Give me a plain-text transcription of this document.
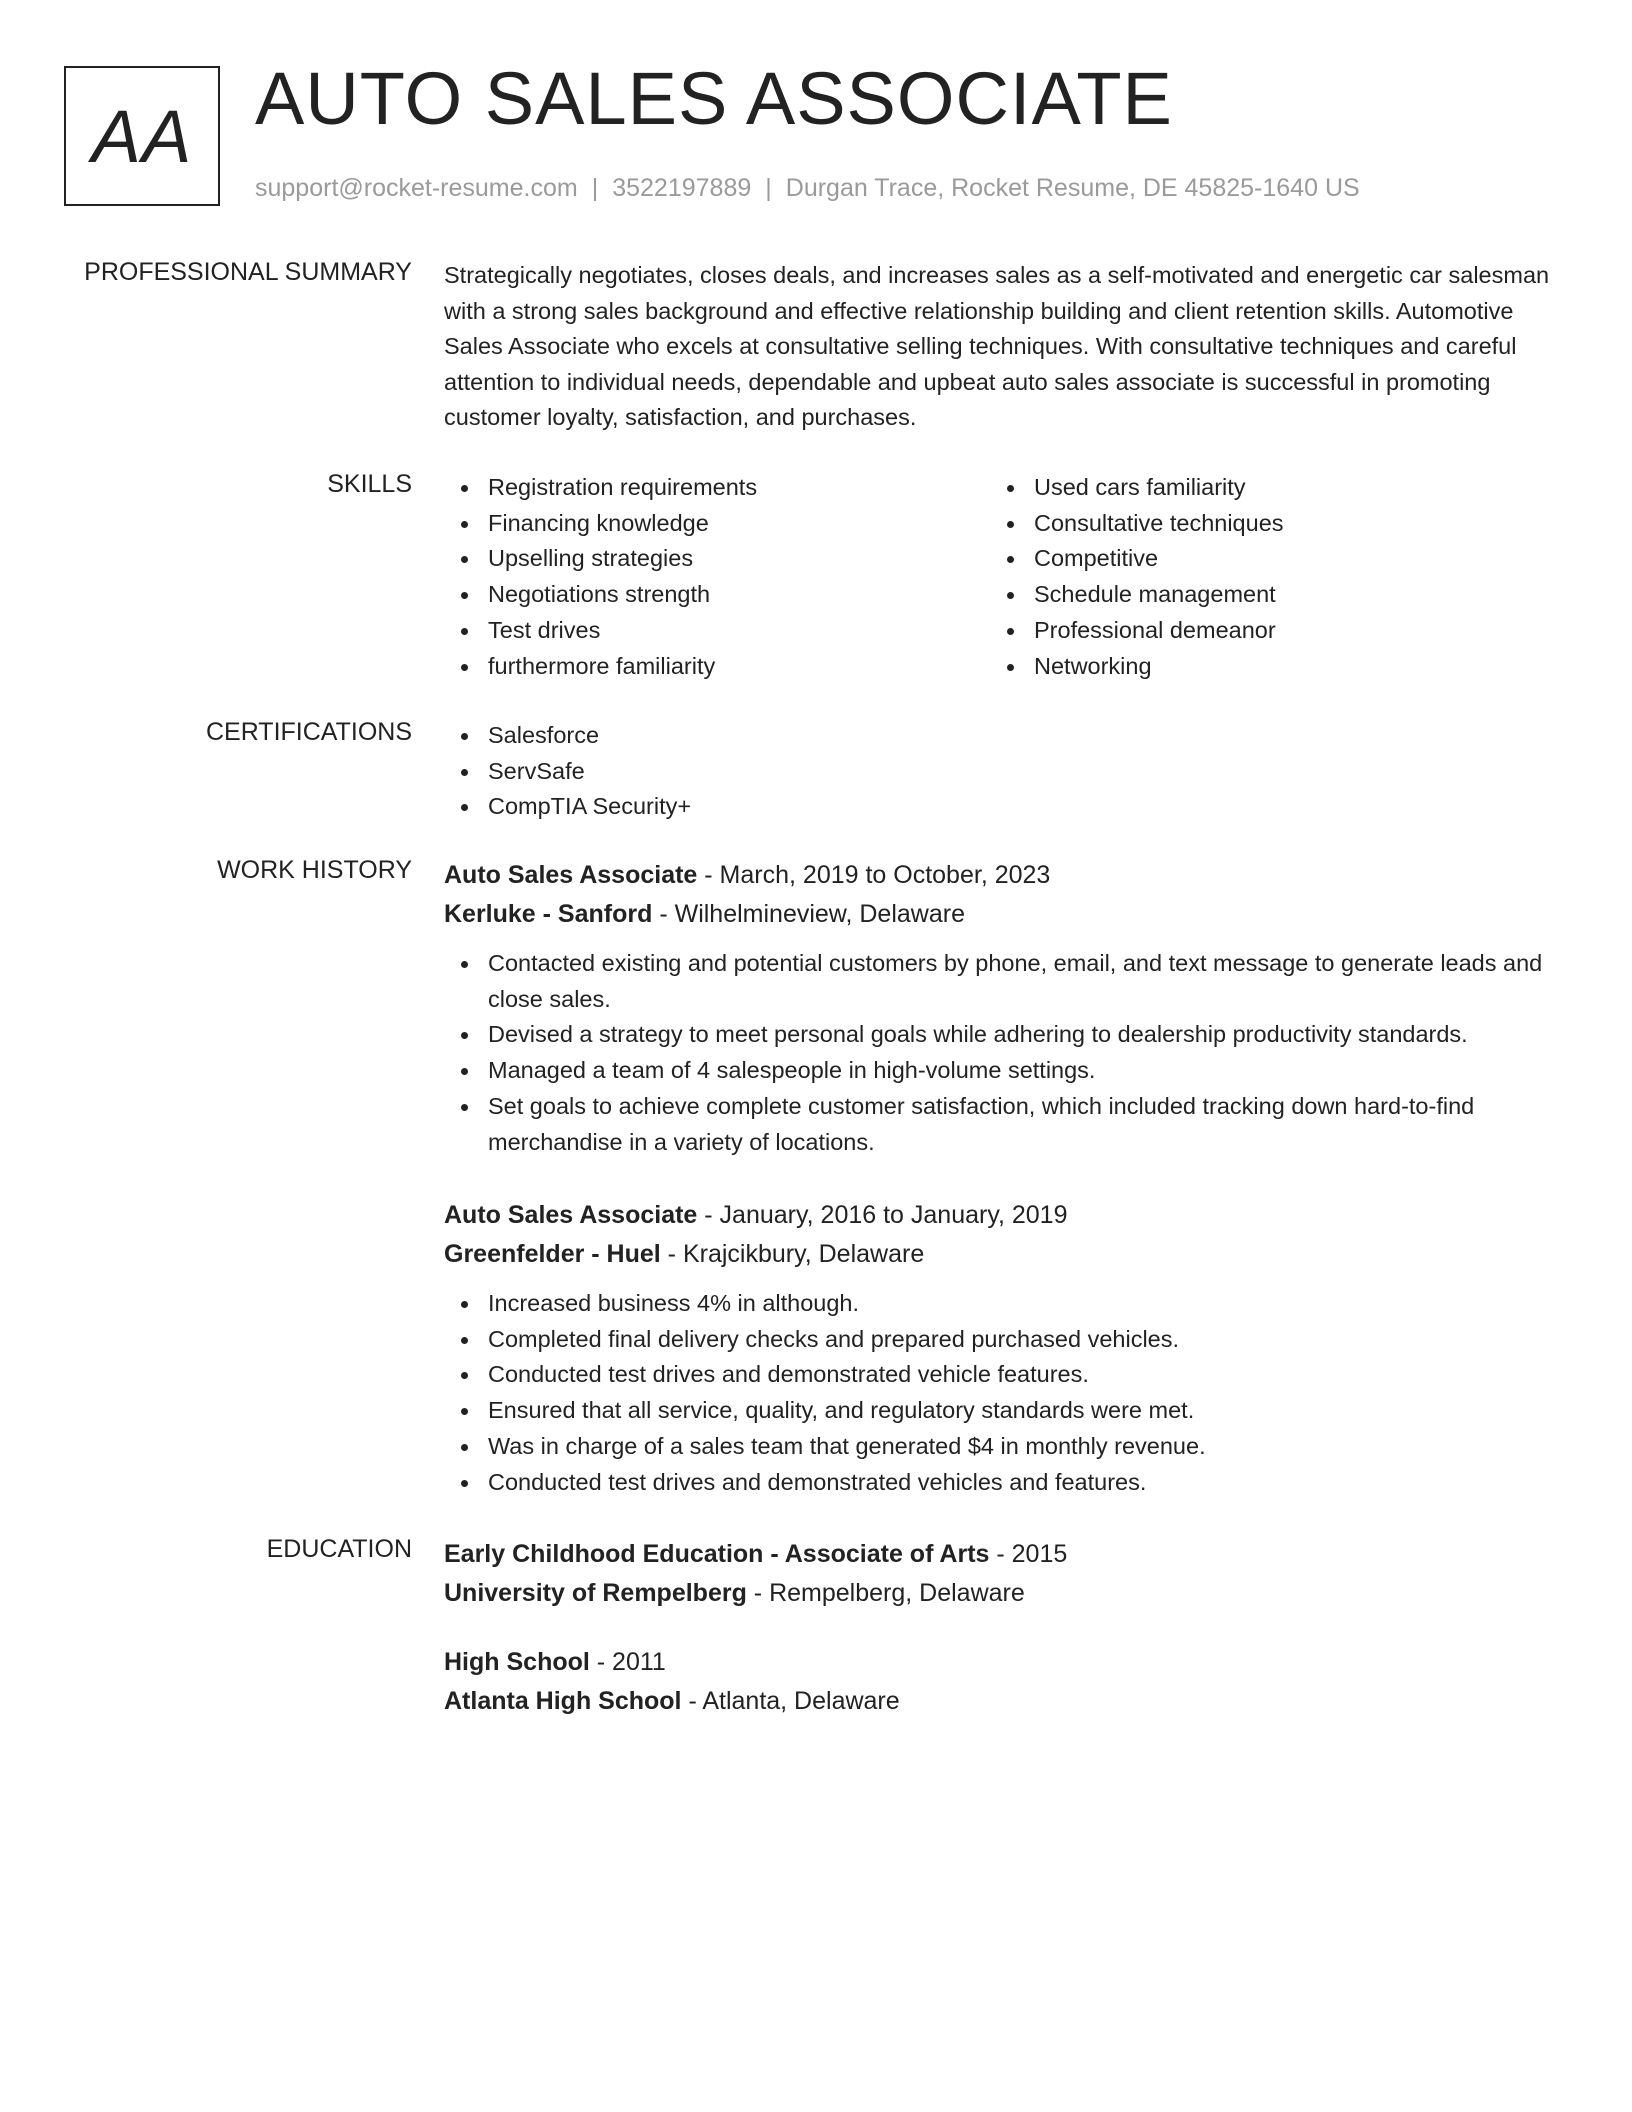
AA AUTO SALES ASSOCIATE
support@rocket-resume.com | 3522197889 | Durgan Trace, Rocket Resume, DE 45825-1640 US
PROFESSIONAL SUMMARY Strategically negotiates, closes deals, and increases sales as a self-motivated and energetic car salesman with a strong sales background and effective relationship building and client retention skills. Automotive Sales Associate who excels at consultative selling techniques. With consultative techniques and careful attention to individual needs, dependable and upbeat auto sales associate is successful in promoting customer loyalty, satisfaction, and purchases.

SKILLS	Registration requirements
Financing knowledge
Upselling strategies
Negotiations strength
Test drives
furthermore familiarity
Used cars familiarity
Consultative techniques
Competitive
Schedule management
Professional demeanor
Networking
CERTIFICATIONS	Salesforce
ServSafe
CompTIA Security+
WORK HISTORY Auto Sales Associate - March, 2019 to October, 2023
Kerluke - Sanford - Wilhelmineview, Delaware
Contacted existing and potential customers by phone, email, and text message to generate leads and close sales.
Devised a strategy to meet personal goals while adhering to dealership productivity standards.
Managed a team of 4 salespeople in high-volume settings.
Set goals to achieve complete customer satisfaction, which included tracking down hard-to-find merchandise in a variety of locations.
Auto Sales Associate - January, 2016 to January, 2019
Greenfelder - Huel - Krajcikbury, Delaware
Increased business 4% in although.
Completed final delivery checks and prepared purchased vehicles.
Conducted test drives and demonstrated vehicle features.
Ensured that all service, quality, and regulatory standards were met.
Was in charge of a sales team that generated $4 in monthly revenue.
Conducted test drives and demonstrated vehicles and features.
EDUCATION Early Childhood Education - Associate of Arts - 2015
University of Rempelberg - Rempelberg, Delaware
High School - 2011
Atlanta High School - Atlanta, Delaware
